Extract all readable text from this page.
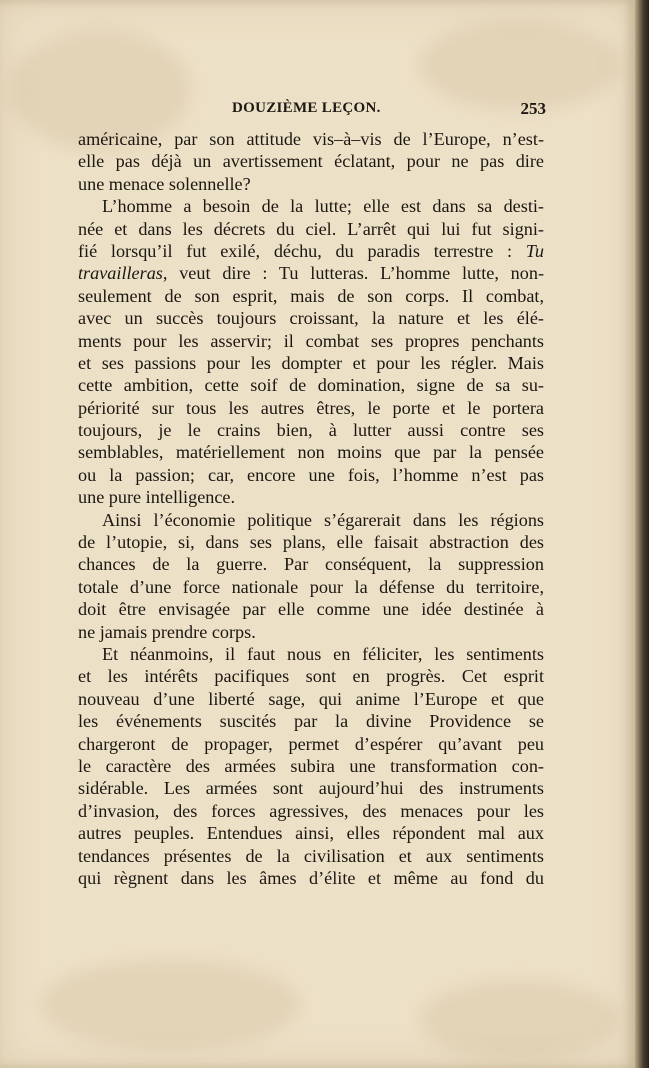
DOUZIÈME LEÇON.	253
américaine, par son attitude vis–à–vis de l’Europe, n’est-
elle pas déjà un avertissement éclatant, pour ne pas dire
une menace solennelle?
L’homme a besoin de la lutte; elle est dans sa desti-
née et dans les décrets du ciel. L’arrêt qui lui fut signi-
fié lorsqu’il fut exilé, déchu, du paradis terrestre : Tu
travailleras, veut dire : Tu lutteras. L’homme lutte, non-
seulement de son esprit, mais de son corps. Il combat,
avec un succès toujours croissant, la nature et les élé-
ments pour les asservir; il combat ses propres penchants
et ses passions pour les dompter et pour les régler. Mais
cette ambition, cette soif de domination, signe de sa su-
périorité sur tous les autres êtres, le porte et le portera
toujours, je le crains bien, à lutter aussi contre ses
semblables, matériellement non moins que par la pensée
ou la passion; car, encore une fois, l’homme n’est pas
une pure intelligence.
Ainsi l’économie politique s’égarerait dans les régions
de l’utopie, si, dans ses plans, elle faisait abstraction des
chances de la guerre. Par conséquent, la suppression
totale d’une force nationale pour la défense du territoire,
doit être envisagée par elle comme une idée destinée à
ne jamais prendre corps.
Et néanmoins, il faut nous en féliciter, les sentiments
et les intérêts pacifiques sont en progrès. Cet esprit
nouveau d’une liberté sage, qui anime l’Europe et que
les événements suscités par la divine Providence se
chargeront de propager, permet d’espérer qu’avant peu
le caractère des armées subira une transformation con-
sidérable. Les armées sont aujourd’hui des instruments
d’invasion, des forces agressives, des menaces pour les
autres peuples. Entendues ainsi, elles répondent mal aux
tendances présentes de la civilisation et aux sentiments
qui règnent dans les âmes d’élite et même au fond du
